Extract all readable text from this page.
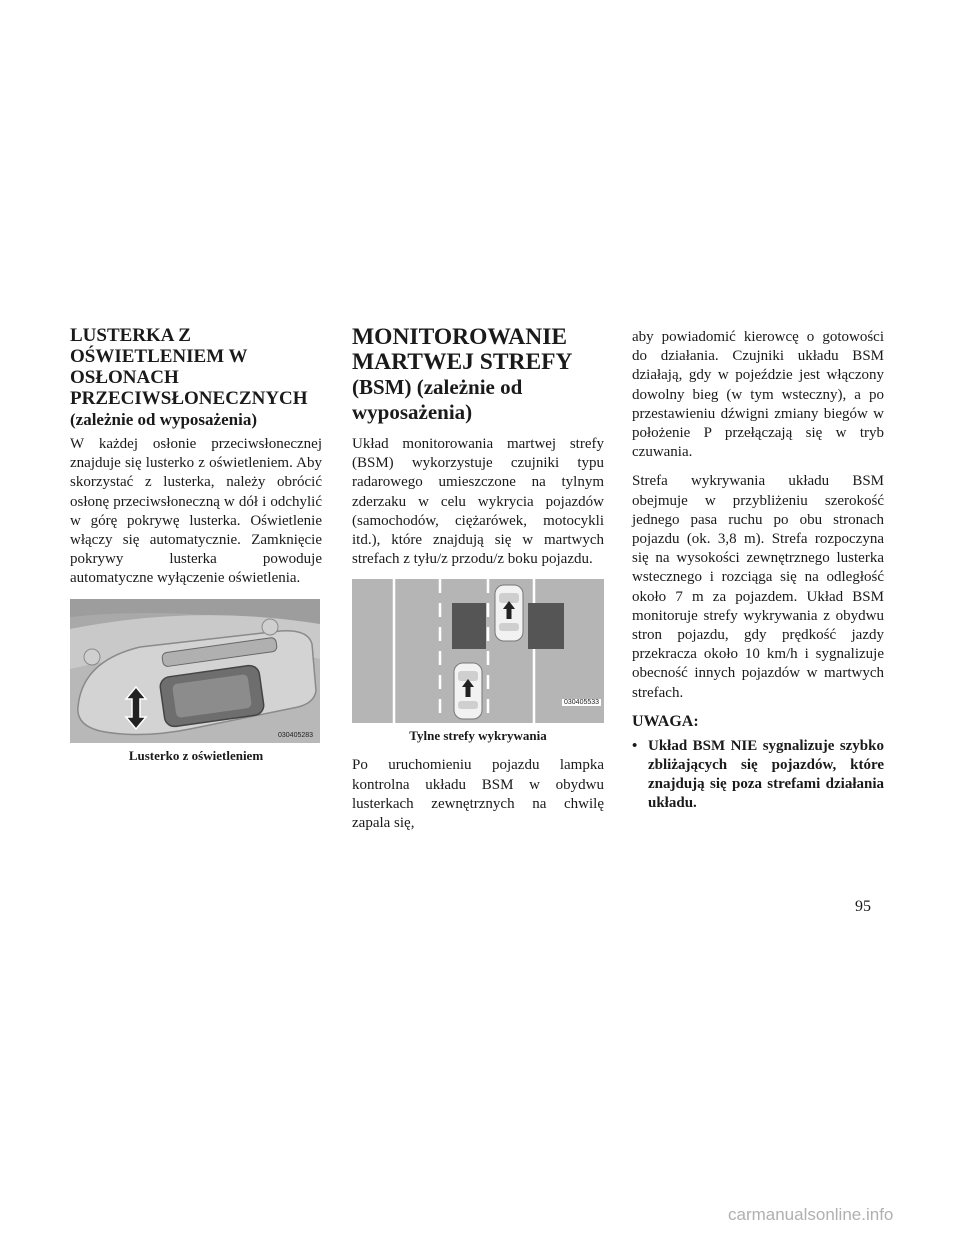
LUSTERKA Z OŚWIETLENIEM W OSŁONACH PRZECIWSŁONECZNYCH
(zależnie od wyposażenia)

W każdej osłonie przeciwsłonecznej znajduje się lusterko z oświetleniem. Aby skorzystać z lusterka, należy obrócić osłonę przeciwsłoneczną w dół i odchylić w górę pokrywę lusterka. Oświetlenie włączy się automatycznie. Zamknięcie pokrywy lusterka powoduje automatyczne wyłączenie oświetlenia.

030405283
Lusterko z oświetleniem
MONITOROWANIE MARTWEJ STREFY
(BSM) (zależnie od wyposażenia)

Układ monitorowania martwej strefy (BSM) wykorzystuje czujniki typu radarowego umieszczone na tylnym zderzaku w celu wykrycia pojazdów (samochodów, ciężarówek, motocykli itd.), które znajdują się w martwych strefach z tyłu/z przodu/z boku pojazdu.

030405533
Tylne strefy wykrywania

Po uruchomieniu pojazdu lampka kontrolna układu BSM w obydwu lusterkach zewnętrznych na chwilę zapala się,

aby powiadomić kierowcę o gotowości do działania. Czujniki układu BSM działają, gdy w pojeździe jest włączony dowolny bieg (w tym wsteczny), a po przestawieniu dźwigni zmiany biegów w położenie P przełączają się w tryb czuwania.

Strefa wykrywania układu BSM obejmuje w przybliżeniu szerokość jednego pasa ruchu po obu stronach pojazdu (ok. 3,8 m). Strefa rozpoczyna się na wysokości zewnętrznego lusterka wstecznego i rozciąga się na odległość około 7 m za pojazdem. Układ BSM monitoruje strefy wykrywania z obydwu stron pojazdu, gdy prędkość jazdy przekracza około 10 km/h i sygnalizuje obecność innych pojazdów w martwych strefach.

UWAGA:
• Układ BSM NIE sygnalizuje szybko zbliżających się pojazdów, które znajdują się poza strefami działania układu.
95
carmanualsonline.info
